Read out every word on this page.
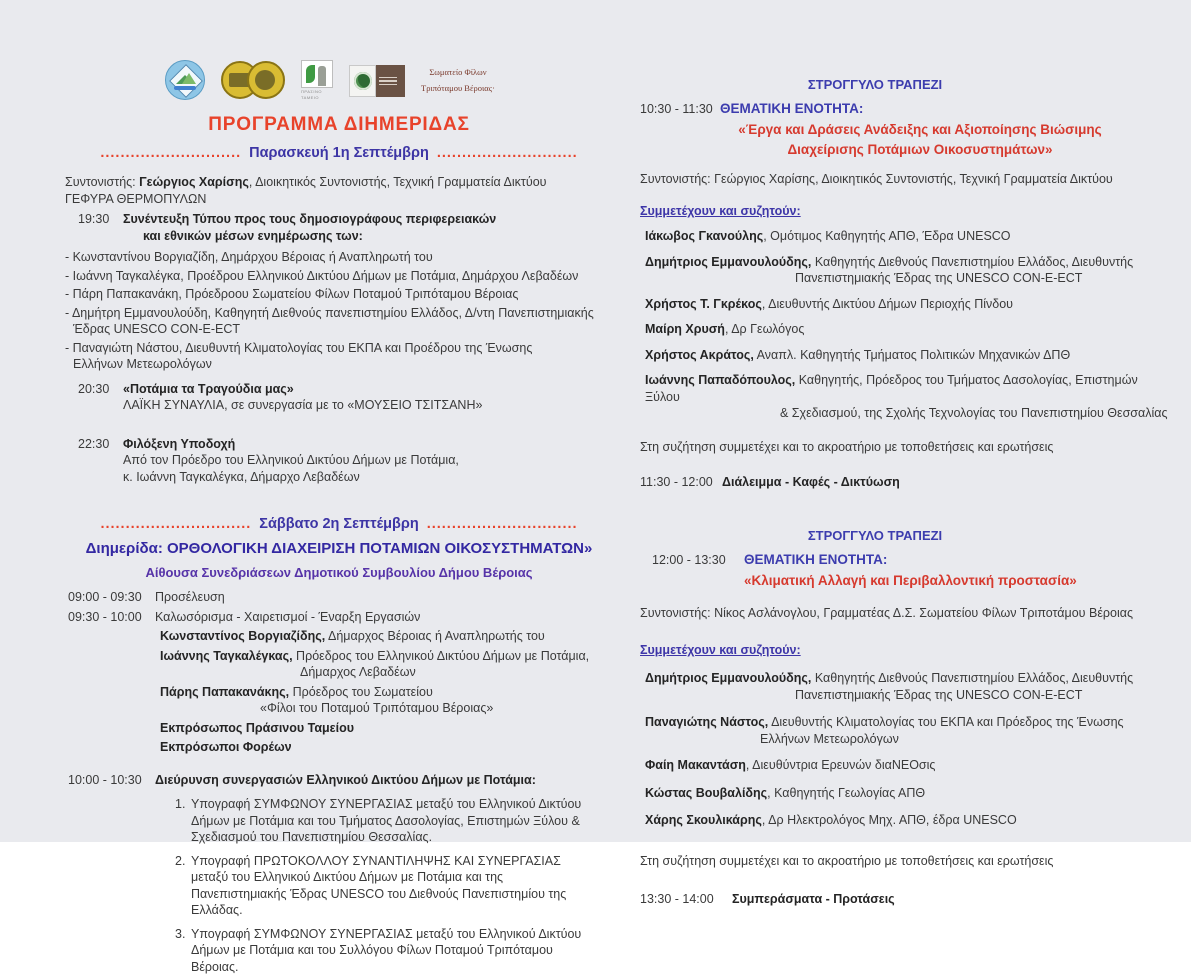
ΠΡΑΣΙΝΟ ΤΑΜΕΙΟ
Σωματείο Φίλων
Τριπόταμου Βέροιας·
ΠΡΟΓΡΑΜΜΑ ΔΙΗΜΕΡΙΔΑΣ
............................ Παρασκευή 1η Σεπτέμβρη ............................
Συντονιστής: Γεώργιος Χαρίσης, Διοικητικός Συντονιστής, Τεχνική Γραμματεία Δικτύου
ΓΕΦΥΡΑ ΘΕΡΜΟΠΥΛΩΝ
19:30	Συνέντευξη Τύπου προς τους δημοσιογράφους περιφερειακών
και εθνικών μέσων ενημέρωσης των:
- Κωνσταντίνου Βοργιαζίδη, Δημάρχου Βέροιας ή Αναπληρωτή του
- Ιωάννη Ταγκαλέγκα, Προέδρου Ελληνικού Δικτύου Δήμων με Ποτάμια, Δημάρχου Λεβαδέων
- Πάρη Παπακανάκη, Πρόεδροου Σωματείου Φίλων Ποταμού Τριπόταμου Βέροιας
- Δημήτρη Εμμανουλούδη, Καθηγητή Διεθνούς πανεπιστημίου Ελλάδος, Δ/ντη Πανεπιστημιακής
Έδρας UNESCO CON-E-ECT
- Παναγιώτη Νάστου, Διευθυντή Κλιματολογίας του ΕΚΠΑ και Προέδρου της Ένωσης
Ελλήνων Μετεωρολόγων
20:30	«Ποτάμια τα Τραγούδια μας»
ΛΑΪΚΗ ΣΥΝΑΥΛΙΑ, σε συνεργασία με το «ΜΟΥΣΕΙΟ ΤΣΙΤΣΑΝΗ»
22:30	Φιλόξενη Υποδοχή
Από τον Πρόεδρο του Ελληνικού Δικτύου Δήμων με Ποτάμια,
κ. Ιωάννη Ταγκαλέγκα, Δήμαρχο Λεβαδέων
.............................. Σάββατο 2η Σεπτέμβρη ..............................
Διημερίδα: ΟΡΘΟΛΟΓΙΚΗ ΔΙΑΧΕΙΡΙΣΗ ΠΟΤΑΜΙΩΝ ΟΙΚΟΣΥΣΤΗΜΑΤΩΝ»
Αίθουσα Συνεδριάσεων Δημοτικού Συμβουλίου Δήμου Βέροιας
09:00 - 09:30	Προσέλευση
09:30 - 10:00	Καλωσόρισμα - Χαιρετισμοί - Έναρξη Εργασιών
Κωνσταντίνος Βοργιαζίδης, Δήμαρχος Βέροιας ή Αναπληρωτής του
Ιωάννης Ταγκαλέγκας, Πρόεδρος του Ελληνικού Δικτύου Δήμων με Ποτάμια,
Δήμαρχος Λεβαδέων
Πάρης Παπακανάκης, Πρόεδρος του Σωματείου
«Φίλοι του Ποταμού Τριπόταμου Βέροιας»
Εκπρόσωπος Πράσινου Ταμείου
Εκπρόσωποι Φορέων
10:00 - 10:30	Διεύρυνση συνεργασιών Ελληνικού Δικτύου Δήμων με Ποτάμια:
1. Υπογραφή ΣΥΜΦΩΝΟΥ ΣΥΝΕΡΓΑΣΙΑΣ μεταξύ του Ελληνικού Δικτύου Δήμων με Ποτάμια και του Τμήματος Δασολογίας, Επιστημών Ξύλου & Σχεδιασμού του Πανεπιστημίου Θεσσαλίας.
2. Υπογραφή ΠΡΩΤΟΚΟΛΛΟΥ ΣΥΝΑΝΤΙΛΗΨΗΣ ΚΑΙ ΣΥΝΕΡΓΑΣΙΑΣ μεταξύ του Ελληνικού Δικτύου Δήμων με Ποτάμια και της Πανεπιστημιακής Έδρας UNESCO του Διεθνούς Πανεπιστημίου της Ελλάδας.
3. Υπογραφή ΣΥΜΦΩΝΟΥ ΣΥΝΕΡΓΑΣΙΑΣ μεταξύ του Ελληνικού Δικτύου Δήμων με Ποτάμια και του Συλλόγου Φίλων Ποταμού Τριπόταμου Βέροιας.
ΣΤΡΟΓΓΥΛΟ ΤΡΑΠΕΖΙ
10:30 - 11:30 ΘΕΜΑΤΙΚΗ ΕΝΟΤΗΤΑ:
«Έργα και Δράσεις Ανάδειξης και Αξιοποίησης Βιώσιμης
Διαχείρισης Ποτάμιων Οικοσυστημάτων»
Συντονιστής: Γεώργιος Χαρίσης, Διοικητικός Συντονιστής, Τεχνική Γραμματεία Δικτύου
Συμμετέχουν και συζητούν:
Ιάκωβος Γκανούλης, Ομότιμος Καθηγητής ΑΠΘ, Έδρα UNESCO
Δημήτριος Εμμανουλούδης, Καθηγητής Διεθνούς Πανεπιστημίου Ελλάδος, Διευθυντής
Πανεπιστημιακής Έδρας της UNESCO CON-E-ECT
Χρήστος Τ. Γκρέκος, Διευθυντής Δικτύου Δήμων Περιοχής Πίνδου
Μαίρη Χρυσή, Δρ Γεωλόγος
Χρήστος Ακράτος, Αναπλ. Καθηγητής Τμήματος Πολιτικών Μηχανικών ΔΠΘ
Ιωάννης Παπαδόπουλος, Καθηγητής, Πρόεδρος του Τμήματος Δασολογίας, Επιστημών Ξύλου
& Σχεδιασμού, της Σχολής Τεχνολογίας του Πανεπιστημίου Θεσσαλίας
Στη συζήτηση συμμετέχει και το ακροατήριο με τοποθετήσεις και ερωτήσεις
11:30 - 12:00 Διάλειμμα - Καφές - Δικτύωση
ΣΤΡΟΓΓΥΛΟ ΤΡΑΠΕΖΙ
12:00 - 13:30	ΘΕΜΑΤΙΚΗ ΕΝΟΤΗΤΑ:
«Κλιματική Αλλαγή και Περιβαλλοντική προστασία»
Συντονιστής: Νίκος Ασλάνογλου, Γραμματέας Δ.Σ. Σωματείου Φίλων Τριποτάμου Βέροιας
Συμμετέχουν και συζητούν:
Δημήτριος Εμμανουλούδης, Καθηγητής Διεθνούς Πανεπιστημίου Ελλάδος, Διευθυντής
Πανεπιστημιακής Έδρας της UNESCO CON-E-ECT
Παναγιώτης Νάστος, Διευθυντής Κλιματολογίας του ΕΚΠΑ και Πρόεδρος της Ένωσης
Ελλήνων Μετεωρολόγων
Φαίη Μακαντάση, Διευθύντρια Ερευνών διαΝΕΟσις
Κώστας Βουβαλίδης, Καθηγητής Γεωλογίας ΑΠΘ
Χάρης Σκουλικάρης, Δρ Ηλεκτρολόγος Μηχ. ΑΠΘ, έδρα UNESCO
Στη συζήτηση συμμετέχει και το ακροατήριο με τοποθετήσεις και ερωτήσεις
13:30 - 14:00	Συμπεράσματα - Προτάσεις
